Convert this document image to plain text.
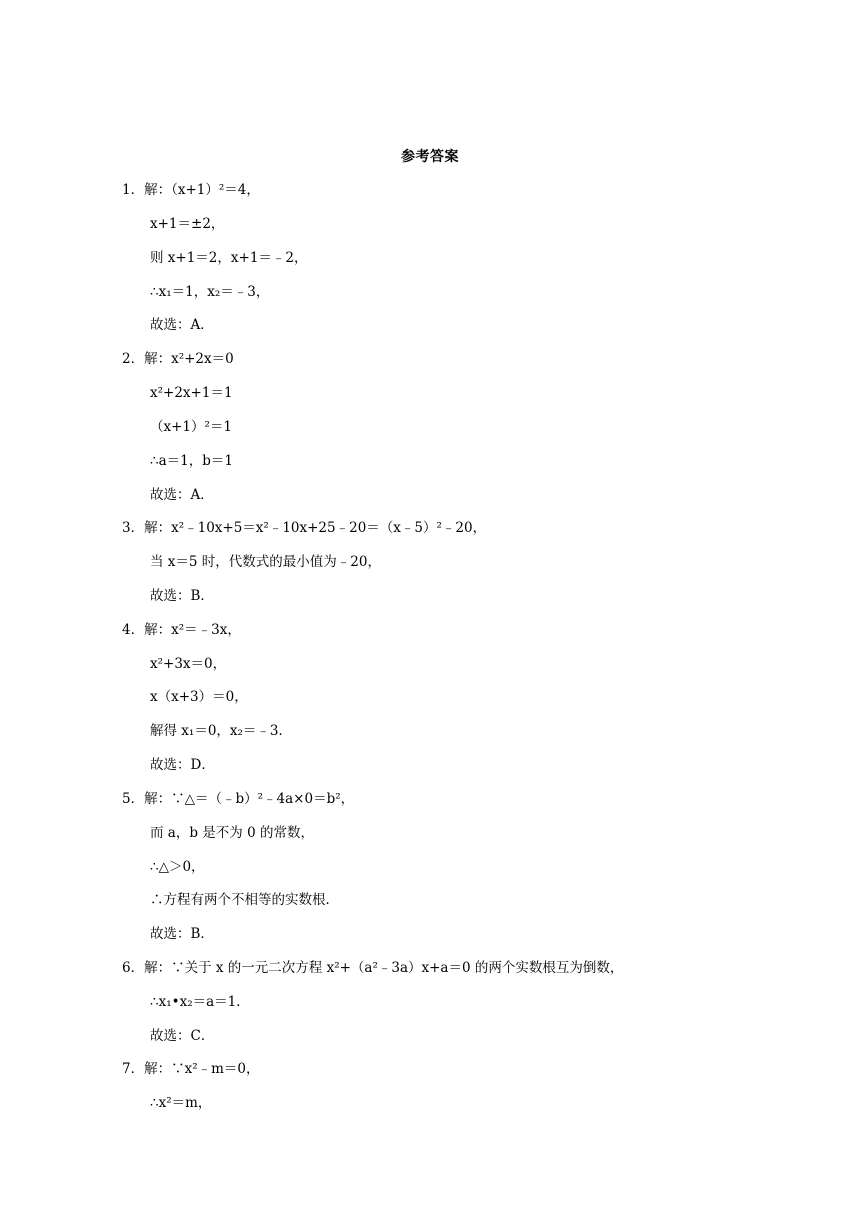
参考答案
1．解：（x+1）²＝4，
x+1＝±2，
则 x+1＝2，x+1＝﹣2，
∴x₁＝1，x₂＝﹣3，
故选：A．
2．解：x²+2x＝0
x²+2x+1＝1
（x+1）²＝1
∴a＝1，b＝1
故选：A．
3．解：x²﹣10x+5＝x²﹣10x+25﹣20＝（x﹣5）²﹣20，
当 x＝5 时，代数式的最小值为﹣20，
故选：B．
4．解：x²＝﹣3x，
x²+3x＝0，
x（x+3）＝0，
解得 x₁＝0，x₂＝﹣3．
故选：D．
5．解：∵△＝（﹣b）²﹣4a×0＝b²，
而 a，b 是不为 0 的常数，
∴△＞0，
∴方程有两个不相等的实数根．
故选：B．
6．解：∵关于 x 的一元二次方程 x²+（a²﹣3a）x+a＝0 的两个实数根互为倒数，
∴x₁•x₂＝a＝1．
故选：C．
7．解：∵x²﹣m＝0，
∴x²＝m，
